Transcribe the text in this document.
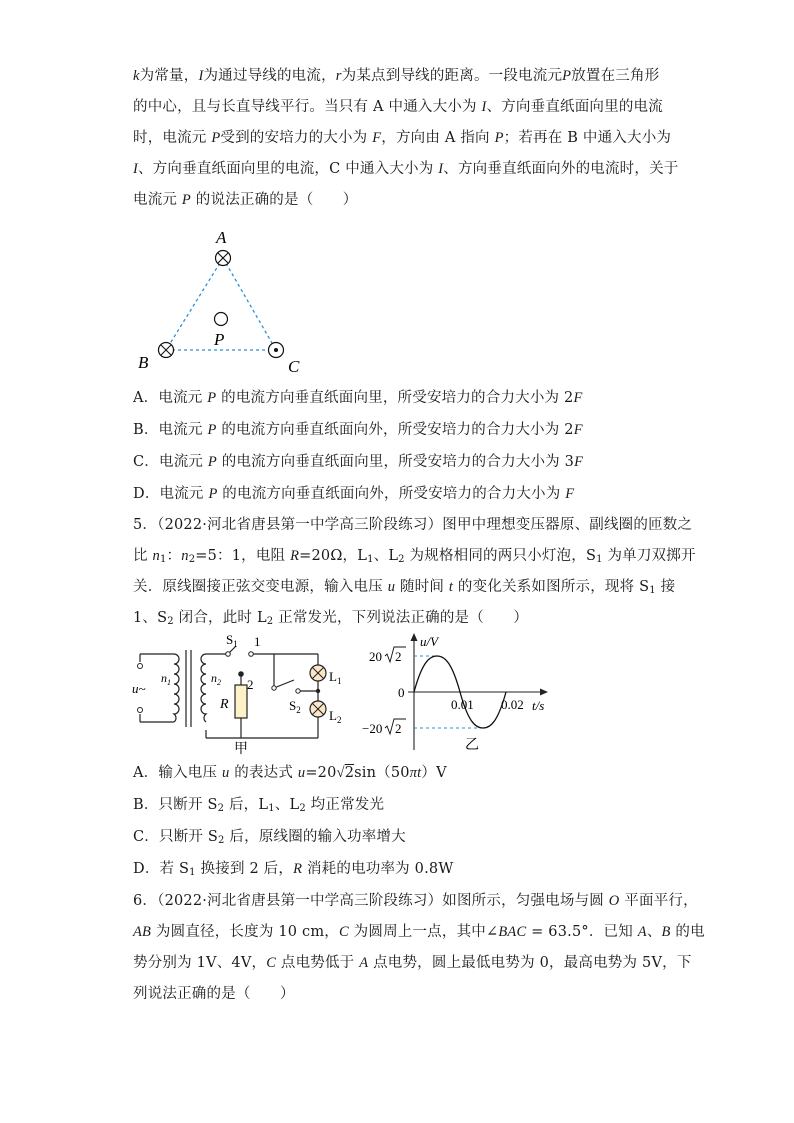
k为常量，I为通过导线的电流，r为某点到导线的距离。一段电流元P放置在三角形
的中心，且与长直导线平行。当只有 A 中通入大小为 I、方向垂直纸面向里的电流
时，电流元 P受到的安培力的大小为 F，方向由 A 指向 P；若再在 B 中通入大小为
I、方向垂直纸面向里的电流，C 中通入大小为 I、方向垂直纸面向外的电流时，关于
电流元 P 的说法正确的是（　　）
A
B	C
P
A．电流元 P 的电流方向垂直纸面向里，所受安培力的合力大小为 2F
B．电流元 P 的电流方向垂直纸面向外，所受安培力的合力大小为 2F
C．电流元 P 的电流方向垂直纸面向里，所受安培力的合力大小为 3F
D．电流元 P 的电流方向垂直纸面向外，所受安培力的合力大小为 F
5．（2022·河北省唐县第一中学高三阶段练习）图甲中理想变压器原、副线圈的匝数之
比 $n_1$：$n_2=5$：1，电阻 R=20Ω，$L_1$、$L_2$ 为规格相同的两只小灯泡，$S_1$ 为单刀双掷开
关．原线圈接正弦交变电源，输入电压 u 随时间 t 的变化关系如图所示，现将 $S_1$ 接
1、$S_2$ 闭合，此时 $L_2$ 正常发光，下列说法正确的是（　　）
u~
$n_1$	$n_2$
R
$S_1$ 1
2
$S_2$
$L_1$
$L_2$
甲
u/V
t/s
0
20 2
−20 2
0.01 0.02
乙
A．输入电压 u 的表达式 u=20√2sin（50πt）V
B．只断开 $S_2$ 后，$L_1$、$L_2$ 均正常发光
C．只断开 $S_2$ 后，原线圈的输入功率增大
D．若 $S_1$ 换接到 2 后，R 消耗的电功率为 0.8W
6．（2022·河北省唐县第一中学高三阶段练习）如图所示，匀强电场与圆 O 平面平行，
AB 为圆直径，长度为 10 cm，C 为圆周上一点，其中∠BAC = 63.5°．已知 A、B 的电
势分别为 1V、4V，C 点电势低于 A 点电势，圆上最低电势为 0，最高电势为 5V，下
列说法正确的是（　　）
